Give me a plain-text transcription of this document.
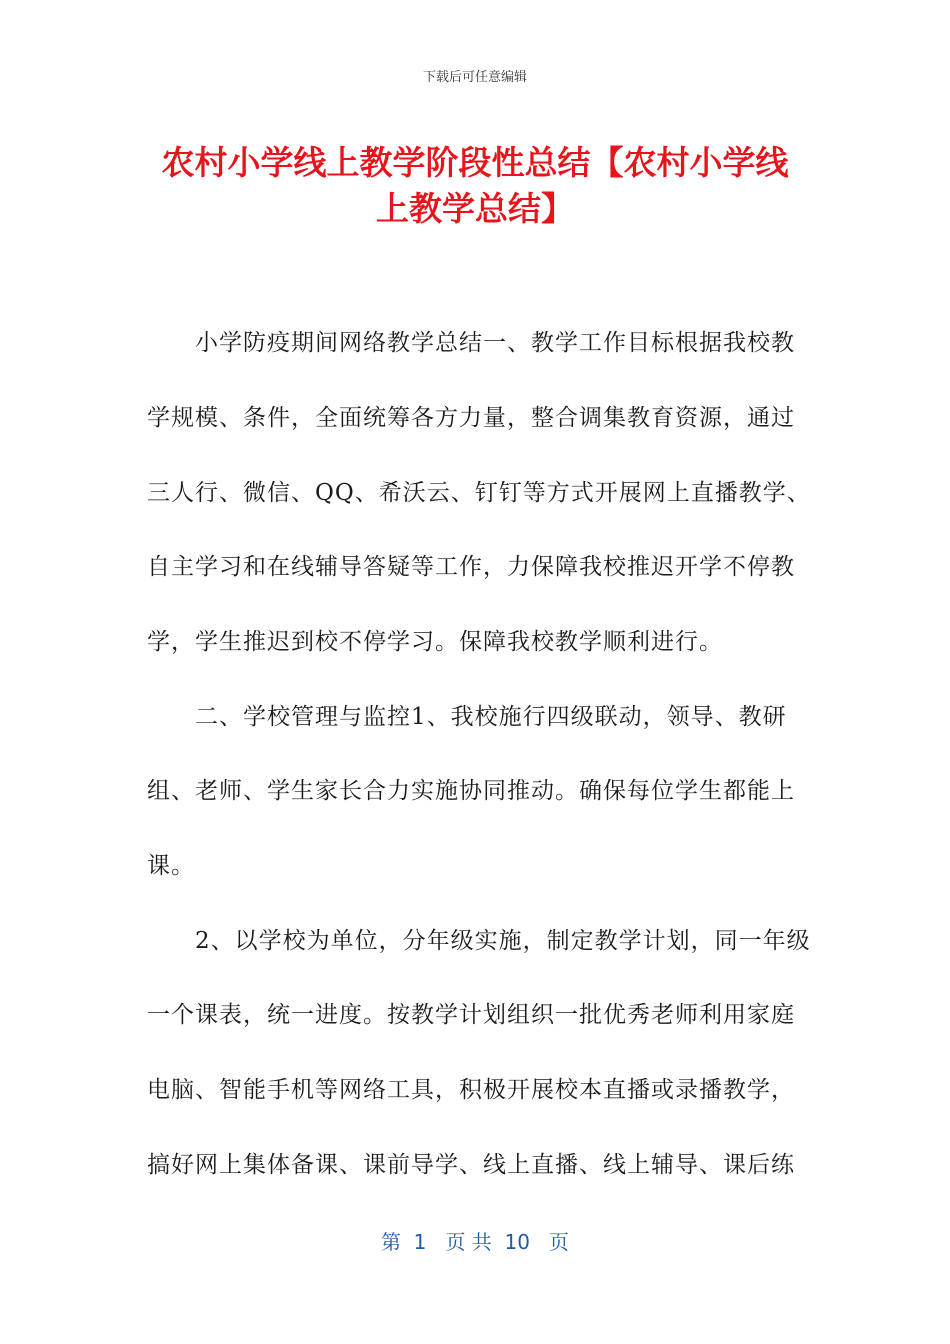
下载后可任意编辑
农村小学线上教学阶段性总结【农村小学线
上教学总结】
　　小学防疫期间网络教学总结一、教学工作目标根据我校教
学规模、条件，全面统筹各方力量，整合调集教育资源，通过
三人行、微信、QQ、希沃云、钉钉等方式开展网上直播教学、
自主学习和在线辅导答疑等工作，力保障我校推迟开学不停教
学，学生推迟到校不停学习。保障我校教学顺利进行。
　　二、学校管理与监控1、我校施行四级联动，领导、教研
组、老师、学生家长合力实施协同推动。确保每位学生都能上
课。
　　2、以学校为单位，分年级实施，制定教学计划，同一年级
一个课表，统一进度。按教学计划组织一批优秀老师利用家庭
电脑、智能手机等网络工具，积极开展校本直播或录播教学，
搞好网上集体备课、课前导学、线上直播、线上辅导、课后练
第  1   页 共  10   页
